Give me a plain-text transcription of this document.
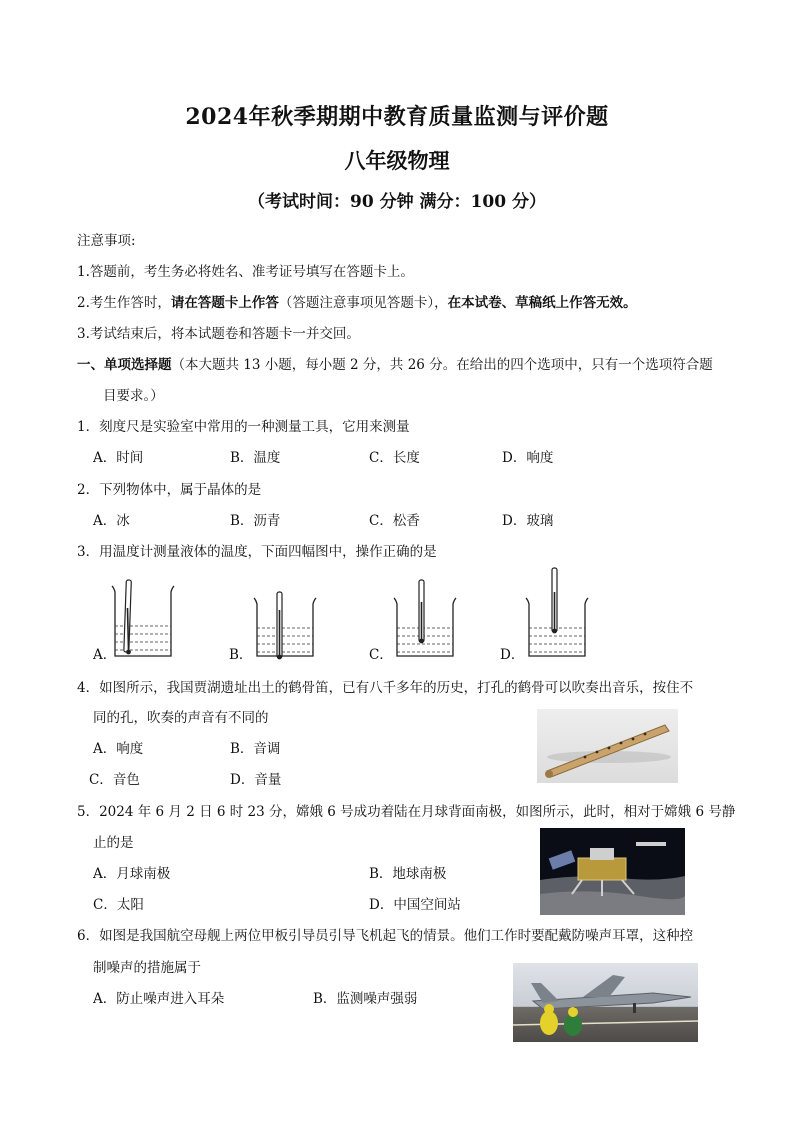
2024年秋季期期中教育质量监测与评价题
八年级物理
（考试时间：90 分钟 满分：100 分）
注意事项:
1.答题前，考生务必将姓名、准考证号填写在答题卡上。
2.考生作答时，请在答题卡上作答（答题注意事项见答题卡），在本试卷、草稿纸上作答无效。
3.考试结束后，将本试题卷和答题卡一并交回。
一、单项选择题（本大题共 13 小题，每小题 2 分，共 26 分。在给出的四个选项中，只有一个选项符合题
目要求。）
1．刻度尺是实验室中常用的一种测量工具，它用来测量
A．时间	B．温度	C．长度	D．响度
2．下列物体中，属于晶体的是
A．冰	B．沥青	C．松香	D．玻璃
3．用温度计测量液体的温度，下面四幅图中，操作正确的是
A．	B．	C．	D．
4．如图所示，我国贾湖遗址出土的鹤骨笛，已有八千多年的历史，打孔的鹤骨可以吹奏出音乐，按住不
同的孔，吹奏的声音有不同的
A．响度	B．音调
C．音色	D．音量
5．2024 年 6 月 2 日 6 时 23 分，嫦娥 6 号成功着陆在月球背面南极，如图所示，此时，相对于嫦娥 6 号静
止的是
A．月球南极	B．地球南极
C．太阳	D．中国空间站
6．如图是我国航空母舰上两位甲板引导员引导飞机起飞的情景。他们工作时要配戴防噪声耳罩，这种控
制噪声的措施属于
A．防止噪声进入耳朵	B．监测噪声强弱
